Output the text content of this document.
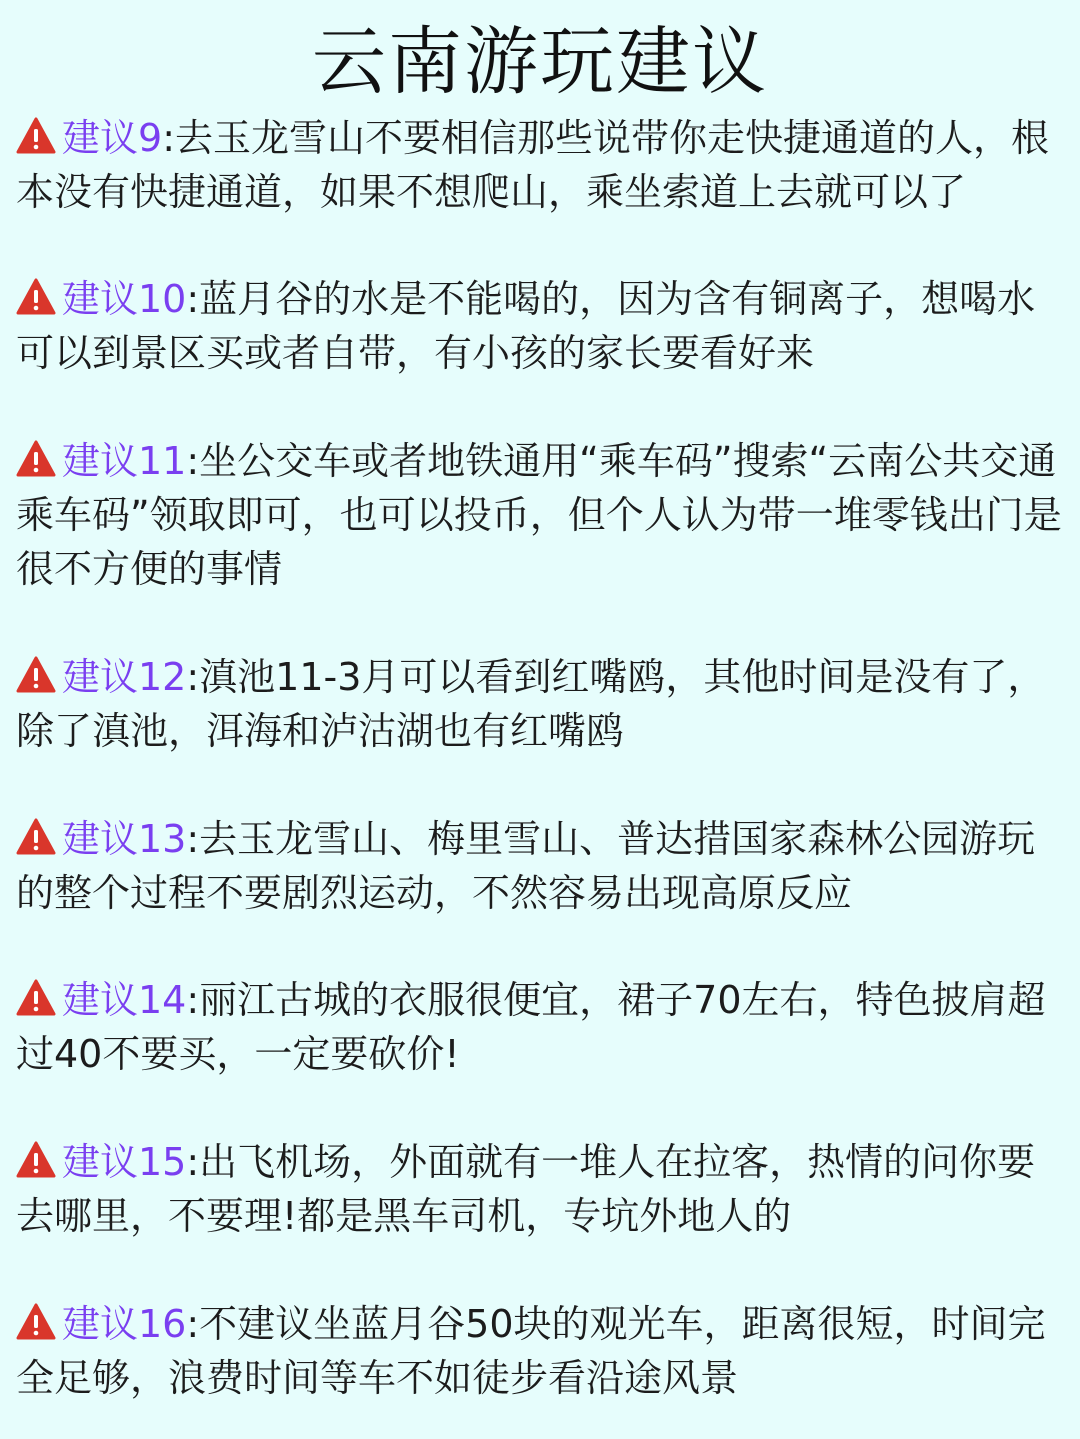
云南游玩建议
建议9:去玉龙雪山不要相信那些说带你走快捷通道的人，根本没有快捷通道，如果不想爬山，乘坐索道上去就可以了
建议10:蓝月谷的水是不能喝的，因为含有铜离子，想喝水可以到景区买或者自带，有小孩的家长要看好来
建议11:坐公交车或者地铁通用“乘车码”搜索“云南公共交通乘车码”领取即可，也可以投币，但个人认为带一堆零钱出门是很不方便的事情
建议12:滇池11-3月可以看到红嘴鸥，其他时间是没有了，除了滇池，洱海和泸沽湖也有红嘴鸥
建议13:去玉龙雪山、梅里雪山、普达措国家森林公园游玩的整个过程不要剧烈运动，不然容易出现高原反应
建议14:丽江古城的衣服很便宜，裙子70左右，特色披肩超过40不要买，一定要砍价!
建议15:出飞机场，外面就有一堆人在拉客，热情的问你要去哪里，不要理!都是黑车司机，专坑外地人的
建议16:不建议坐蓝月谷50块的观光车，距离很短，时间完全足够，浪费时间等车不如徒步看沿途风景
